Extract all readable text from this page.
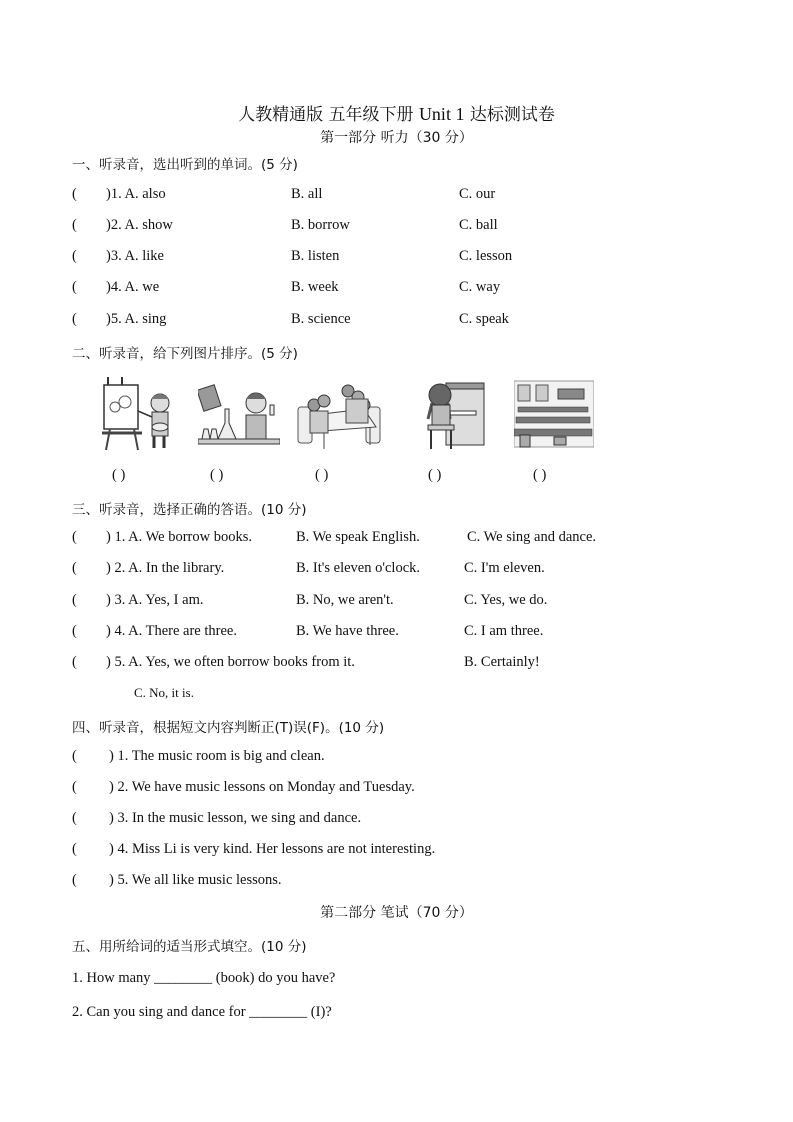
人教精通版 五年级下册 Unit 1 达标测试卷
第一部分 听力（30 分）
一、听录音，选出听到的单词。(5 分)
( )1. A. also	B. all	C. our
( )2. A. show	B. borrow	C. ball
( )3. A. like	B. listen	C. lesson
( )4. A. we	B. week	C. way
( )5. A. sing	B. science	C. speak
二、听录音，给下列图片排序。(5 分)
( )	( )	( )	( )	( )
三、听录音，选择正确的答语。(10 分)
( ) 1. A. We borrow books.	B. We speak English.	C. We sing and dance.
( ) 2. A. In the library.	B. It's eleven o'clock.	C. I'm eleven.
( ) 3. A. Yes, I am.	B. No, we aren't.	C. Yes, we do.
( ) 4. A. There are three.	B. We have three.	C. I am three.
( ) 5. A. Yes, we often borrow books from it.	B. Certainly!
C. No, it is.
四、听录音，根据短文内容判断正(T)误(F)。(10 分)
( ) 1. The music room is big and clean.
( ) 2. We have music lessons on Monday and Tuesday.
( ) 3. In the music lesson, we sing and dance.
( ) 4. Miss Li is very kind. Her lessons are not interesting.
( ) 5. We all like music lessons.
第二部分 笔试（70 分）
五、用所给词的适当形式填空。(10 分)
1. How many ________ (book) do you have?
2. Can you sing and dance for ________ (I)?
